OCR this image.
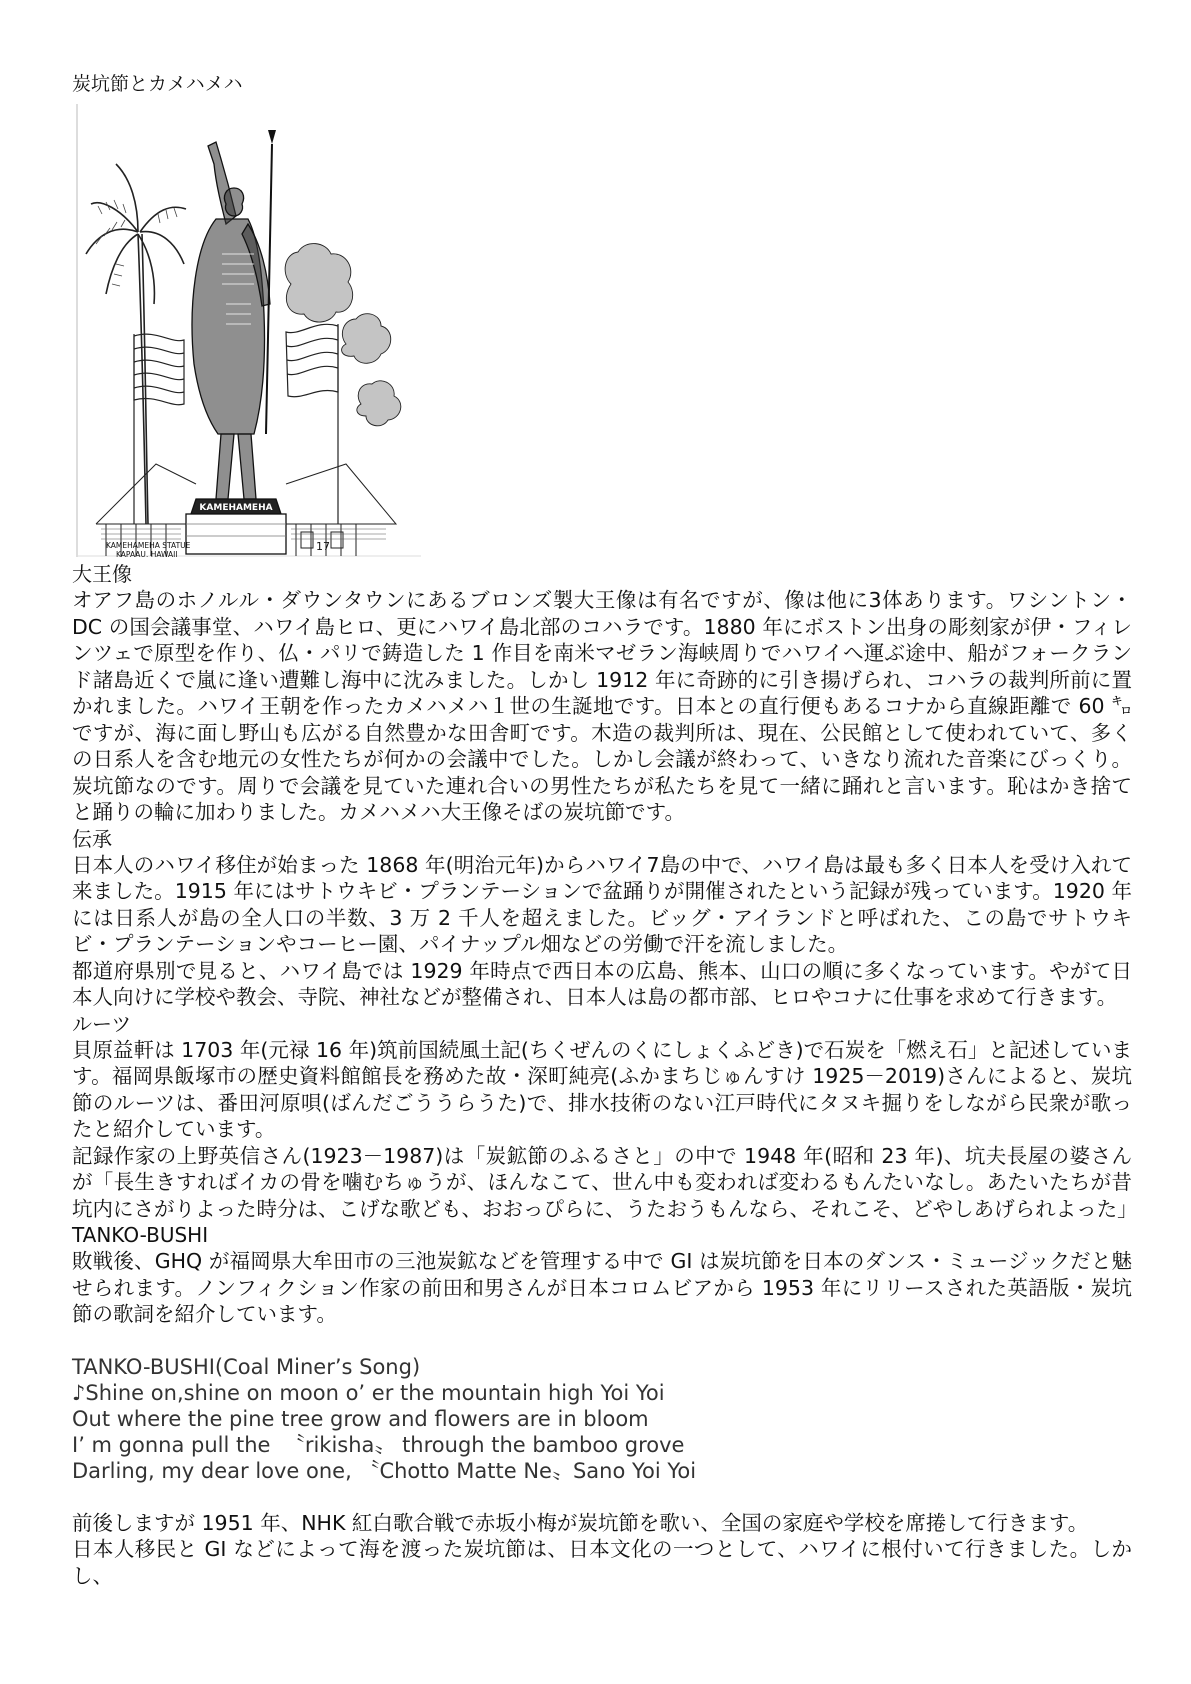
炭坑節とカメハメハ
KAMEHAMEHA
KAMEHAMEHA STATUE
KAPAAU, HAWAII
17
大王像

オアフ島のホノルル・ダウンタウンにあるブロンズ製大王像は有名ですが、像は他に3体あります。ワシントン・DC の国会議事堂、ハワイ島ヒロ、更にハワイ島北部のコハラです。1880 年にボストン出身の彫刻家が伊・フィレンツェで原型を作り、仏・パリで鋳造した 1 作目を南米マゼラン海峡周りでハワイへ運ぶ途中、船がフォークランド諸島近くで嵐に逢い遭難し海中に沈みました。しかし 1912 年に奇跡的に引き揚げられ、コハラの裁判所前に置かれました。ハワイ王朝を作ったカメハメハ１世の生誕地です。日本との直行便もあるコナから直線距離で 60 ㌔ですが、海に面し野山も広がる自然豊かな田舎町です。木造の裁判所は、現在、公民館として使われていて、多くの日系人を含む地元の女性たちが何かの会議中でした。しかし会議が終わって、いきなり流れた音楽にびっくり。炭坑節なのです。周りで会議を見ていた連れ合いの男性たちが私たちを見て一緒に踊れと言います。恥はかき捨てと踊りの輪に加わりました。カメハメハ大王像そばの炭坑節です。

伝承

日本人のハワイ移住が始まった 1868 年(明治元年)からハワイ7島の中で、ハワイ島は最も多く日本人を受け入れて来ました。1915 年にはサトウキビ・プランテーションで盆踊りが開催されたという記録が残っています。1920 年には日系人が島の全人口の半数、3 万 2 千人を超えました。ビッグ・アイランドと呼ばれた、この島でサトウキビ・プランテーションやコーヒー園、パイナップル畑などの労働で汗を流しました。

都道府県別で見ると、ハワイ島では 1929 年時点で西日本の広島、熊本、山口の順に多くなっています。やがて日本人向けに学校や教会、寺院、神社などが整備され、日本人は島の都市部、ヒロやコナに仕事を求めて行きます。

ルーツ

貝原益軒は 1703 年(元禄 16 年)筑前国続風土記(ちくぜんのくにしょくふどき)で石炭を「燃え石」と記述しています。福岡県飯塚市の歴史資料館館長を務めた故・深町純亮(ふかまちじゅんすけ 1925－2019)さんによると、炭坑節のルーツは、番田河原唄(ばんだごううらうた)で、排水技術のない江戸時代にタヌキ掘りをしながら民衆が歌ったと紹介しています。

記録作家の上野英信さん(1923－1987)は「炭鉱節のふるさと」の中で 1948 年(昭和 23 年)、坑夫長屋の婆さんが「長生きすればイカの骨を噛むちゅうが、ほんなこて、世ん中も変われば変わるもんたいなし。あたいたちが昔坑内にさがりよった時分は、こげな歌ども、おおっぴらに、うたおうもんなら、それこそ、どやしあげられよった」

TANKO-BUSHI

敗戦後、GHQ が福岡県大牟田市の三池炭鉱などを管理する中で GI は炭坑節を日本のダンス・ミュージックだと魅せられます。ノンフィクション作家の前田和男さんが日本コロムビアから 1953 年にリリースされた英語版・炭坑節の歌詞を紹介しています。

TANKO-BUSHI(Coal Miner’s Song)
♪Shine on,shine on moon o’ er the mountain high Yoi Yoi
Out where the pine tree grow and flowers are in bloom
I’ m gonna pull the  〝rikisha〟 through the bamboo grove
Darling, my dear love one, 〝Chotto Matte Ne〟Sano Yoi Yoi

前後しますが 1951 年、NHK 紅白歌合戦で赤坂小梅が炭坑節を歌い、全国の家庭や学校を席捲して行きます。

日本人移民と GI などによって海を渡った炭坑節は、日本文化の一つとして、ハワイに根付いて行きました。しかし、
